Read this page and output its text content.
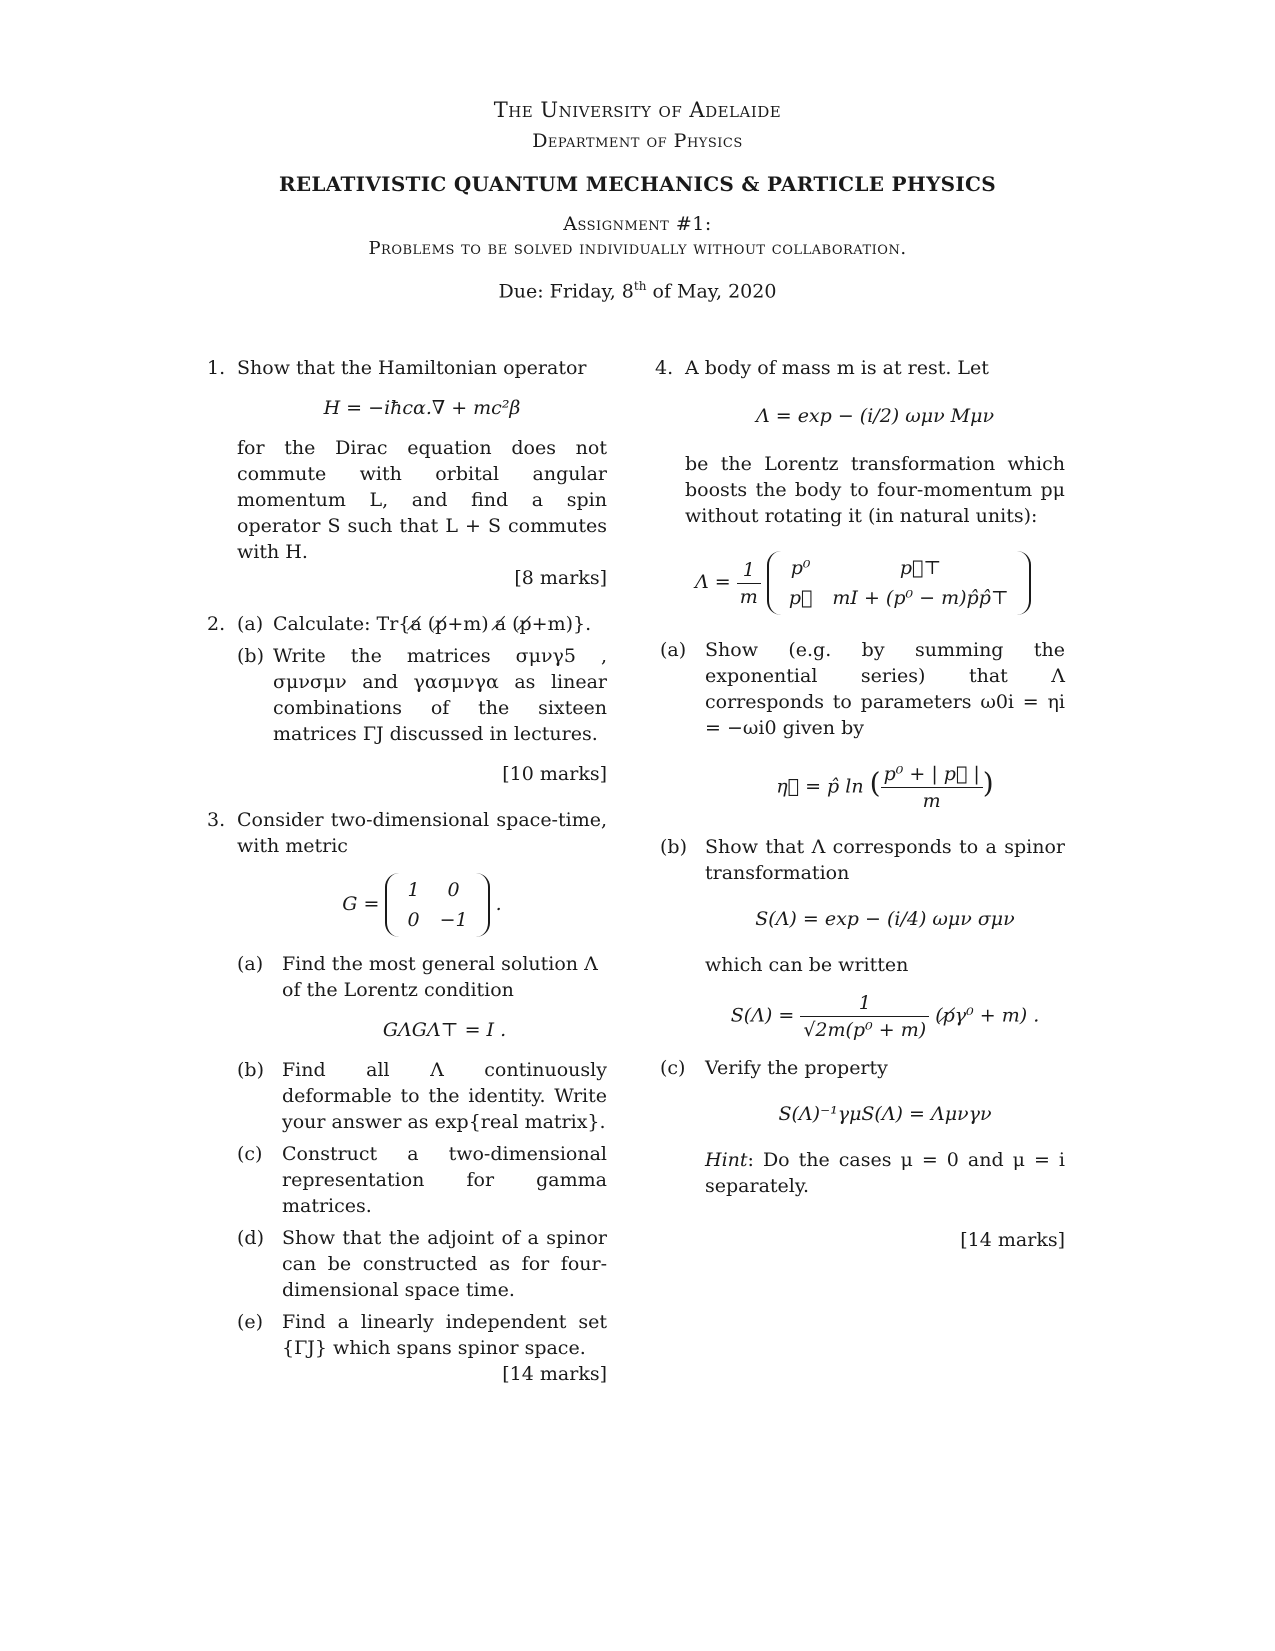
The University of Adelaide
Department of Physics
RELATIVISTIC QUANTUM MECHANICS & PARTICLE PHYSICS
Assignment #1:
Problems to be solved individually without collaboration.
Due: Friday, 8th of May, 2020
1. Show that the Hamiltonian operator
H = −iħcα.∇ + mc²β
for the Dirac equation does not commute with orbital angular momentum L, and find a spin operator S such that L + S commutes with H.
[8 marks]
2. (a) Calculate: Tr{a̸ (p̸+m) a̸ (p̸+m)}.
(b) Write the matrices σμνγ5 , σμνσμν and γασμνγα as linear combinations of the sixteen matrices ΓJ discussed in lectures.
[10 marks]
3. Consider two-dimensional space-time, with metric
G =
1	0
0	−1
.
(a) Find the most general solution Λ of the Lorentz condition
GΛGΛ⊤ = I .
(b) Find all Λ continuously deformable to the identity. Write your answer as exp{real matrix}.
(c) Construct a two-dimensional representation for gamma matrices.
(d) Show that the adjoint of a spinor can be constructed as for four-dimensional space time.
(e) Find a linearly independent set {ΓJ} which spans spinor space.
[14 marks]
4. A body of mass m is at rest. Let
Λ = exp − (i/2) ωμν Mμν
be the Lorentz transformation which boosts the body to four-momentum pμ without rotating it (in natural units):
$\Lambda = \frac{1}{m}$
p⁰	p⃗⊤
p⃗	mI + (p⁰ − m)p̂p̂⊤
(a) Show (e.g. by summing the exponential series) that Λ corresponds to parameters ω0i = ηi = −ωi0 given by
η⃗ = p̂ ln ( $\frac{\text{p⁰ + | p⃗ |}}{m}$ )
(b) Show that Λ corresponds to a spinor transformation
S(Λ) = exp − (i/4) ωμν σμν
which can be written
$S(\Lambda) = \frac{1}{\text{√2m(p⁰ + m)}}$ (p̸γ⁰ + m) .
(c) Verify the property
S(Λ)⁻¹γμS(Λ) = Λμνγν
Hint: Do the cases μ = 0 and μ = i separately.
[14 marks]
